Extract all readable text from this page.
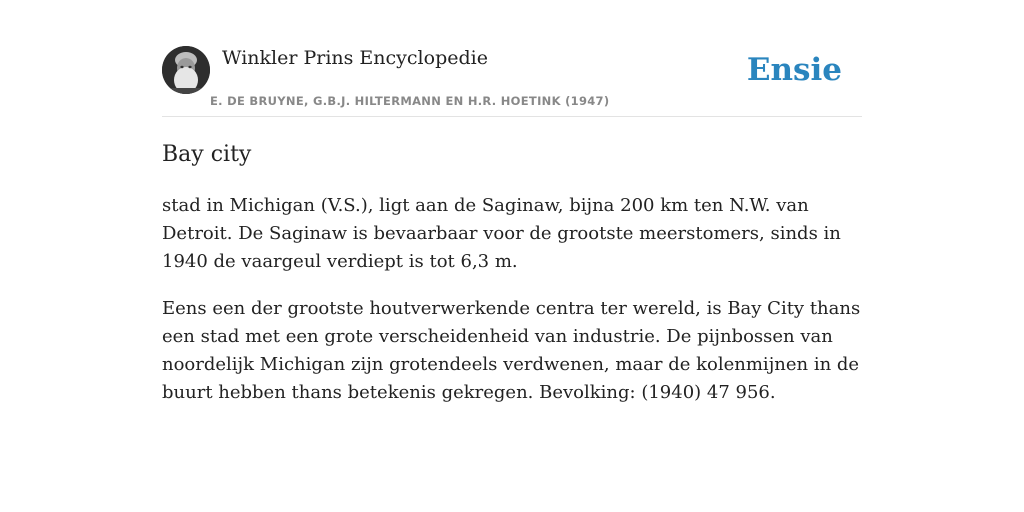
Winkler Prins Encyclopedie
E. DE BRUYNE, G.B.J. HILTERMANN EN H.R. HOETINK (1947)
Ensie
Bay city

stad in Michigan (V.S.), ligt aan de Saginaw, bijna 200 km ten N.W. van Detroit. De Saginaw is bevaarbaar voor de grootste meerstomers, sinds in 1940 de vaargeul verdiept is tot 6,3 m.

Eens een der grootste houtverwerkende centra ter wereld, is Bay City thans een stad met een grote verscheidenheid van industrie. De pijnbossen van noordelijk Michigan zijn grotendeels verdwenen, maar de kolenmijnen in de buurt hebben thans betekenis gekregen. Bevolking: (1940) 47 956.
